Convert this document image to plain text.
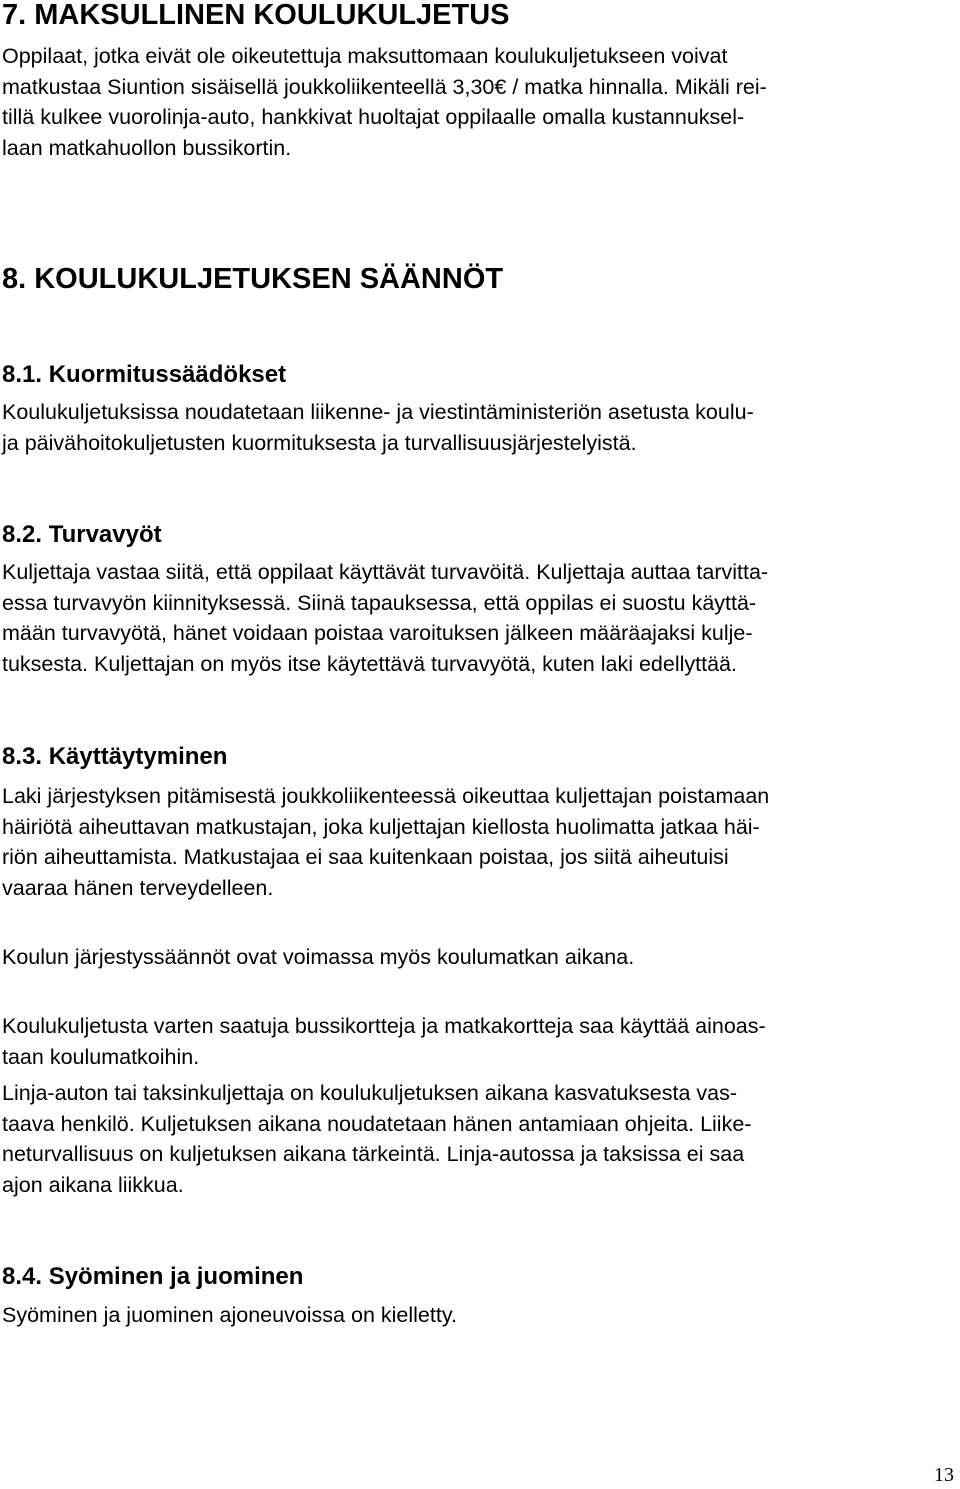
7. MAKSULLINEN KOULUKULJETUS
Oppilaat, jotka eivät ole oikeutettuja maksuttomaan koulukuljetukseen voivat
matkustaa Siuntion sisäisellä joukkoliikenteellä 3,30€ / matka hinnalla. Mikäli rei-
tillä kulkee vuorolinja-auto, hankkivat huoltajat oppilaalle omalla kustannuksel-
laan matkahuollon bussikortin.
8. KOULUKULJETUKSEN SÄÄNNÖT
8.1. Kuormitussäädökset
Koulukuljetuksissa noudatetaan liikenne- ja viestintäministeriön asetusta koulu-
ja päivähoitokuljetusten kuormituksesta ja turvallisuusjärjestelyistä.
8.2. Turvavyöt
Kuljettaja vastaa siitä, että oppilaat käyttävät turvavöitä. Kuljettaja auttaa tarvitta-
essa turvavyön kiinnityksessä. Siinä tapauksessa, että oppilas ei suostu käyttä-
mään turvavyötä, hänet voidaan poistaa varoituksen jälkeen määräajaksi kulje-
tuksesta. Kuljettajan on myös itse käytettävä turvavyötä, kuten laki edellyttää.
8.3. Käyttäytyminen
Laki järjestyksen pitämisestä joukkoliikenteessä oikeuttaa kuljettajan poistamaan
häiriötä aiheuttavan matkustajan, joka kuljettajan kiellosta huolimatta jatkaa häi-
riön aiheuttamista. Matkustajaa ei saa kuitenkaan poistaa, jos siitä aiheutuisi
vaaraa hänen terveydelleen.
Koulun järjestyssäännöt ovat voimassa myös koulumatkan aikana.
Koulukuljetusta varten saatuja bussikortteja ja matkakortteja saa käyttää ainoas-
taan koulumatkoihin.
Linja-auton tai taksinkuljettaja on koulukuljetuksen aikana kasvatuksesta vas-
taava henkilö. Kuljetuksen aikana noudatetaan hänen antamiaan ohjeita. Liike-
neturvallisuus on kuljetuksen aikana tärkeintä. Linja-autossa ja taksissa ei saa
ajon aikana liikkua.
8.4. Syöminen ja juominen
Syöminen ja juominen ajoneuvoissa on kielletty.
13
